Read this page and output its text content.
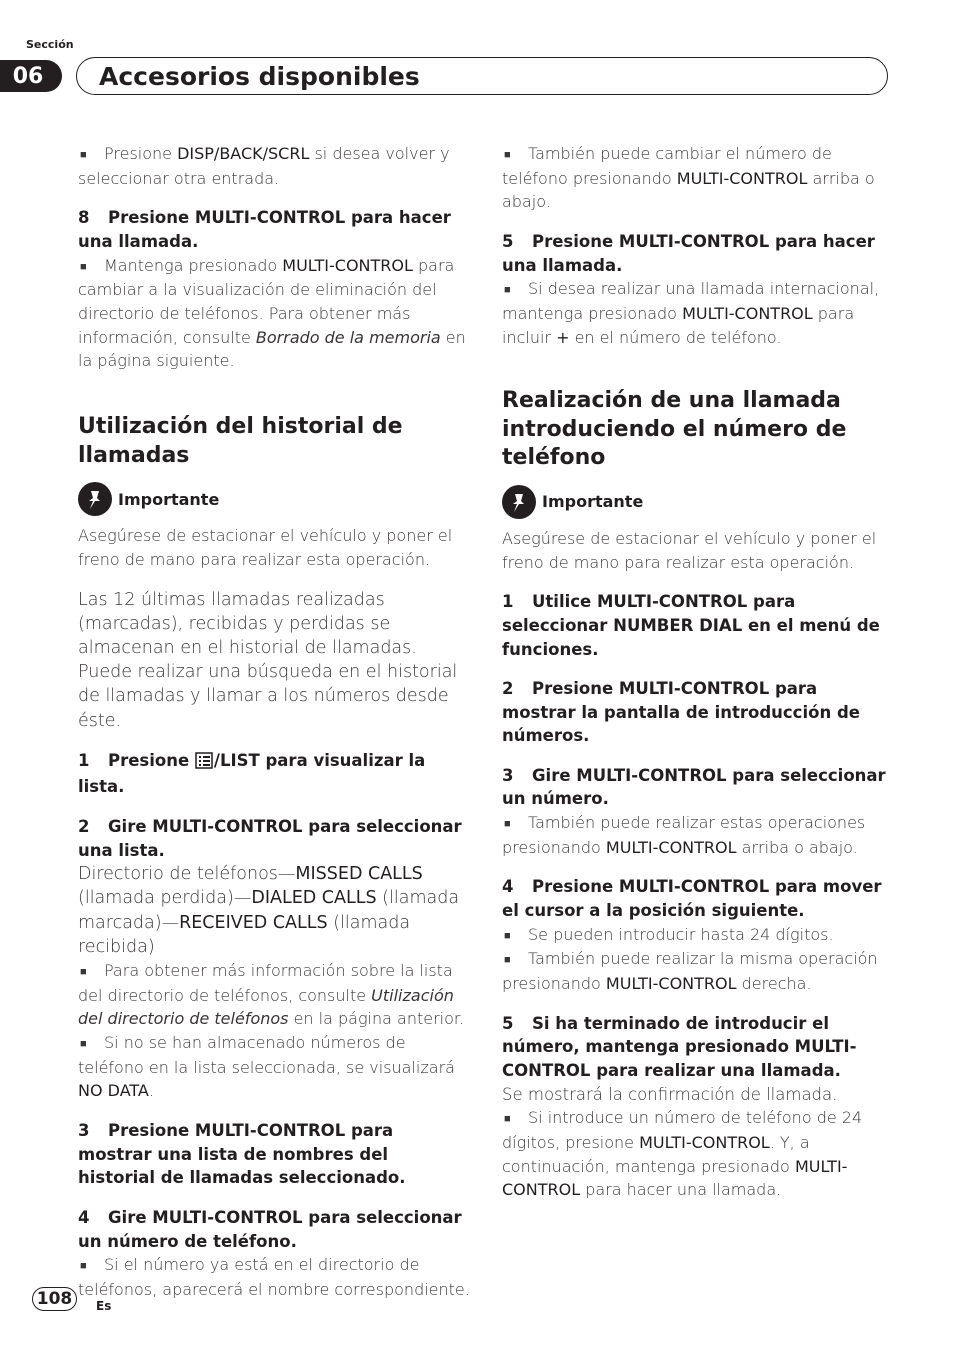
Sección
06	Accesorios disponibles

■ Presione DISP/BACK/SCRL si desea volver y seleccionar otra entrada.

8 Presione MULTI-CONTROL para hacer una llamada.

■ Mantenga presionado MULTI-CONTROL para cambiar a la visualización de eliminación del directorio de teléfonos. Para obtener más información, consulte Borrado de la memoria en la página siguiente.

Utilización del historial de llamadas

Importante

Asegúrese de estacionar el vehículo y poner el freno de mano para realizar esta operación.

Las 12 últimas llamadas realizadas (marcadas), recibidas y perdidas se almacenan en el historial de llamadas. Puede realizar una búsqueda en el historial de llamadas y llamar a los números desde éste.

1 Presione /LIST para visualizar la lista.

2 Gire MULTI-CONTROL para seleccionar una lista.

Directorio de teléfonos—MISSED CALLS (llamada perdida)—DIALED CALLS (llamada marcada)—RECEIVED CALLS (llamada recibida)

■ Para obtener más información sobre la lista del directorio de teléfonos, consulte Utilización del directorio de teléfonos en la página anterior.

■ Si no se han almacenado números de teléfono en la lista seleccionada, se visualizará NO DATA.

3 Presione MULTI-CONTROL para mostrar una lista de nombres del historial de llamadas seleccionado.

4 Gire MULTI-CONTROL para seleccionar un número de teléfono.

■ Si el número ya está en el directorio de teléfonos, aparecerá el nombre correspondiente.

■ También puede cambiar el número de teléfono presionando MULTI-CONTROL arriba o abajo.

5 Presione MULTI-CONTROL para hacer una llamada.

■ Si desea realizar una llamada internacional, mantenga presionado MULTI-CONTROL para incluir + en el número de teléfono.

Realización de una llamada introduciendo el número de teléfono

Importante

Asegúrese de estacionar el vehículo y poner el freno de mano para realizar esta operación.

1 Utilice MULTI-CONTROL para seleccionar NUMBER DIAL en el menú de funciones.

2 Presione MULTI-CONTROL para mostrar la pantalla de introducción de números.

3 Gire MULTI-CONTROL para seleccionar un número.

■ También puede realizar estas operaciones presionando MULTI-CONTROL arriba o abajo.

4 Presione MULTI-CONTROL para mover el cursor a la posición siguiente.

■ Se pueden introducir hasta 24 dígitos.

■ También puede realizar la misma operación presionando MULTI-CONTROL derecha.

5 Si ha terminado de introducir el número, mantenga presionado MULTI-CONTROL para realizar una llamada.

Se mostrará la confirmación de llamada.

■ Si introduce un número de teléfono de 24 dígitos, presione MULTI-CONTROL. Y, a continuación, mantenga presionado MULTI-CONTROL para hacer una llamada.

108	Es
